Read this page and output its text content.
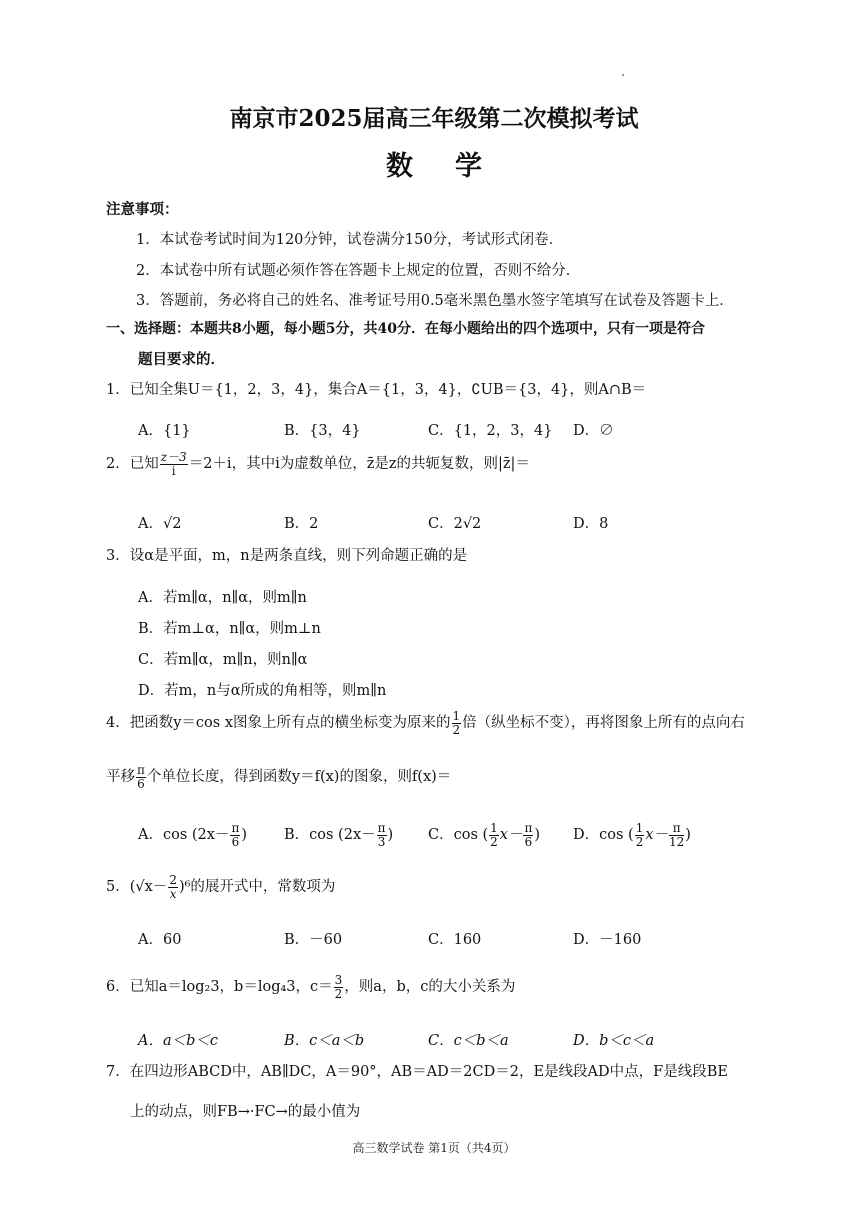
南京市2025届高三年级第二次模拟考试
数学
注意事项：
1．本试卷考试时间为120分钟，试卷满分150分，考试形式闭卷．
2．本试卷中所有试题必须作答在答题卡上规定的位置，否则不给分．
3．答题前，务必将自己的姓名、准考证号用0.5毫米黑色墨水签字笔填写在试卷及答题卡上．
一、选择题：本题共8小题，每小题5分，共40分．在每小题给出的四个选项中，只有一项是符合
题目要求的．
1．已知全集U＝{1，2，3，4}，集合A＝{1，3，4}，∁UB＝{3，4}，则A∩B＝
A．{1}	B．{3，4}	C．{1，2，3，4} D．∅
2．已知 $\frac{z-3}{i} =2+i$，其中i为虚数单位，z̄是z的共轭复数，则|z̄|＝
A．√2	B．2	C．2√2	D．8
3．设α是平面，m，n是两条直线，则下列命题正确的是
A．若m∥α，n∥α，则m∥n
B．若m⊥α，n∥α，则m⊥n
C．若m∥α，m∥n，则n∥α
D．若m，n与α所成的角相等，则m∥n
4．把函数y＝cos x图象上所有点的横坐标变为原来的 $\frac{1}{2}$ 倍（纵坐标不变），再将图象上所有的点向右
平移 $\frac{\pi}{6}$ 个单位长度，得到函数y＝f(x)的图象，则f(x)＝
A．$\cos (2x- \frac{\pi}{6}$ )	B．$\cos (2x- \frac{\pi}{3}$ ) C．cos ( $\frac{1}{2} x- \frac{\pi}{6}$ ) D．cos ( $\frac{1}{2} x- \frac{\pi}{12}$ )
5．$(√x- \frac{2}{x} )^6$的展开式中，常数项为
A．60	B．－60	C．160	D．－160
6．已知a＝log₂3，b＝log₄3，$c= \frac{3}{2}$ ，则a，b，c的大小关系为
A．a＜b＜c	B．c＜a＜b	C．c＜b＜a	D．b＜c＜a
7．在四边形ABCD中，AB∥DC，A＝90°，AB＝AD＝2CD＝2，E是线段AD中点，F是线段BE
上的动点，则FB→·FC→的最小值为
高三数学试卷 第1页（共4页）
